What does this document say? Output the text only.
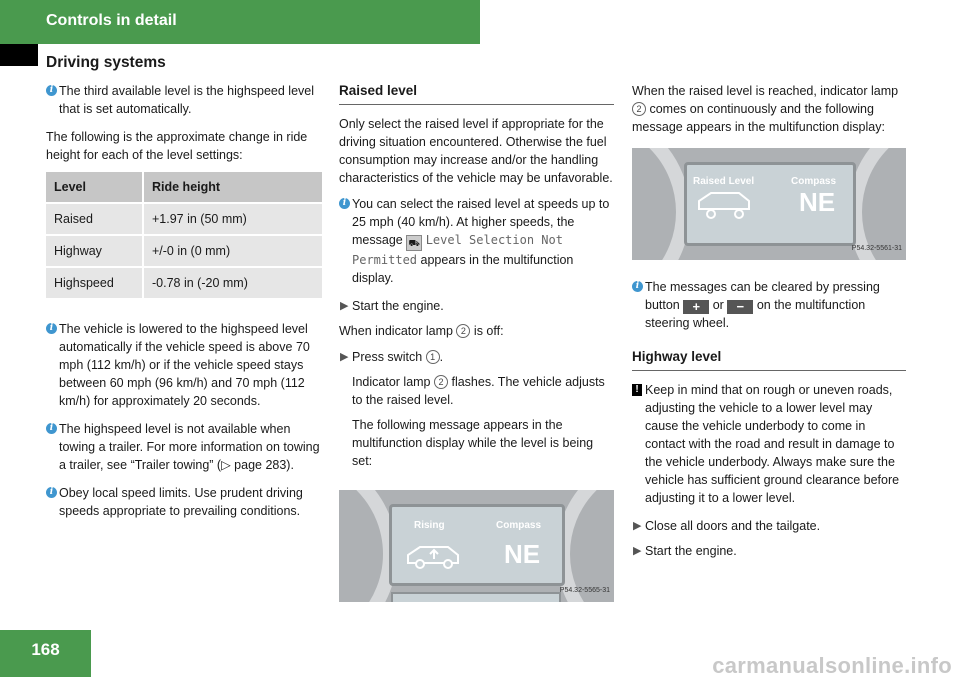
Controls in detail
Driving systems
i The third available level is the highspeed level that is set automatically.

The following is the approximate change in ride height for each of the level settings:

Level	Ride height
Raised	+1.97 in (50 mm)
Highway	+/-0 in (0 mm)
Highspeed	-0.78 in (-20 mm)
i The vehicle is lowered to the highspeed level automatically if the vehicle speed is above 70 mph (112 km/h) or if the vehicle speed stays between 60 mph (96 km/h) and 70 mph (112 km/h) for approximately 20 seconds.
i The highspeed level is not available when towing a trailer. For more information on towing a trailer, see “Trailer towing” (▷ page 283).
i Obey local speed limits. Use prudent driving speeds appropriate to prevailing conditions.
Raised level

Only select the raised level if appropriate for the driving situation encountered. Otherwise the fuel consumption may increase and/or the handling characteristics of the vehicle may be unfavorable.

i You can select the raised level at speeds up to 25 mph (40 km/h). At higher speeds, the message ⛟ Level Selection Not Permitted appears in the multifunction display.
▶ Start the engine.

When indicator lamp 2 is off:

▶ Press switch 1 .
Indicator lamp 2 flashes. The vehicle adjusts to the raised level.
The following message appears in the multifunction display while the level is being set:
Rising	Compass
NE
P54.32-5565-31

When the raised level is reached, indicator lamp 2 comes on continuously and the following message appears in the multifunction display:

Raised Level	Compass
NE
P54.32-5561-31
i The messages can be cleared by pressing button + or − on the multifunction steering wheel.
Highway level
! Keep in mind that on rough or uneven roads, adjusting the vehicle to a lower level may cause the vehicle underbody to come in contact with the road and result in damage to the vehicle underbody. Always make sure the vehicle has sufficient ground clearance before adjusting it to a lower level.
▶ Close all doors and the tailgate.
▶ Start the engine.
168
carmanualsonline.info
